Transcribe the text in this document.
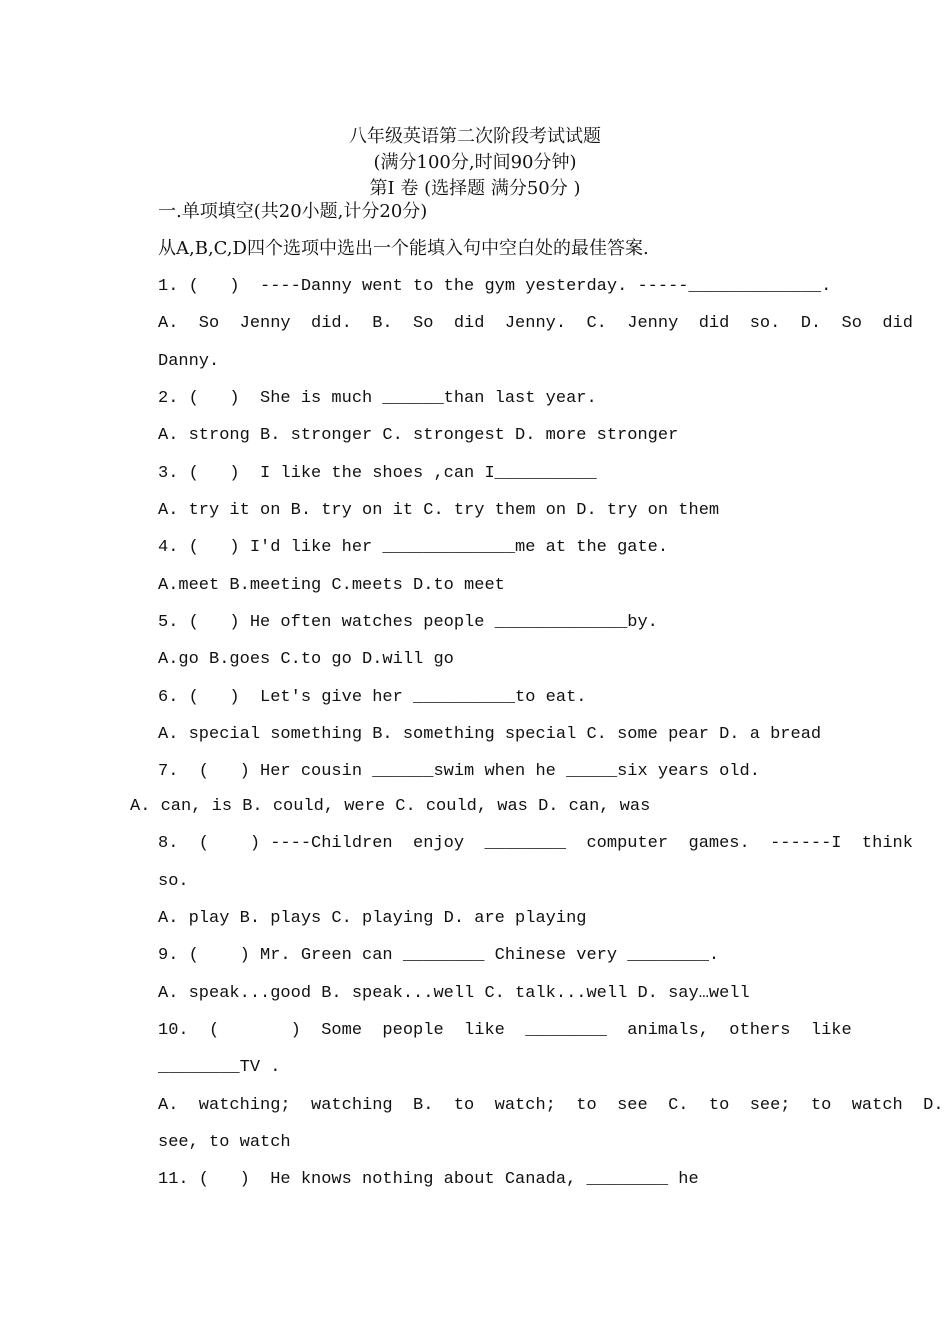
八年级英语第二次阶段考试试题
(满分100分,时间90分钟)
第I 卷 (选择题 满分50分 )
一.单项填空(共20小题,计分20分)
从A,B,C,D四个选项中选出一个能填入句中空白处的最佳答案.
1. (   )  ----Danny went to the gym yesterday. -----_____________.
A.  So  Jenny  did.  B.  So  did  Jenny.  C.  Jenny  did  so.  D.  So  did
Danny.
2. (   )  She is much ______than last year.
A. strong B. stronger C. strongest D. more stronger
3. (   )  I like the shoes ,can I__________
A. try it on B. try on it C. try them on D. try on them
4. (   ) I'd like her _____________me at the gate.
A.meet B.meeting C.meets D.to meet
5. (   ) He often watches people _____________by.
A.go B.goes C.to go D.will go
6. (   )  Let's give her __________to eat.
A. special something B. something special C. some pear D. a bread
7.  (   ) Her cousin ______swim when he _____six years old.
A. can, is B. could, were C. could, was D. can, was
8.  (    ) ----Children  enjoy  ________  computer  games.  ------I  think
so.
A. play B. plays C. playing D. are playing
9. (    ) Mr. Green can ________ Chinese very ________.
A. speak...good B. speak...well C. talk...well D. say…well
10.  (       )  Some  people  like  ________  animals,  others  like
________TV .
A.  watching;  watching  B.  to  watch;  to  see  C.  to  see;  to  watch  D.
see, to watch
11. (   )  He knows nothing about Canada, ________ he
